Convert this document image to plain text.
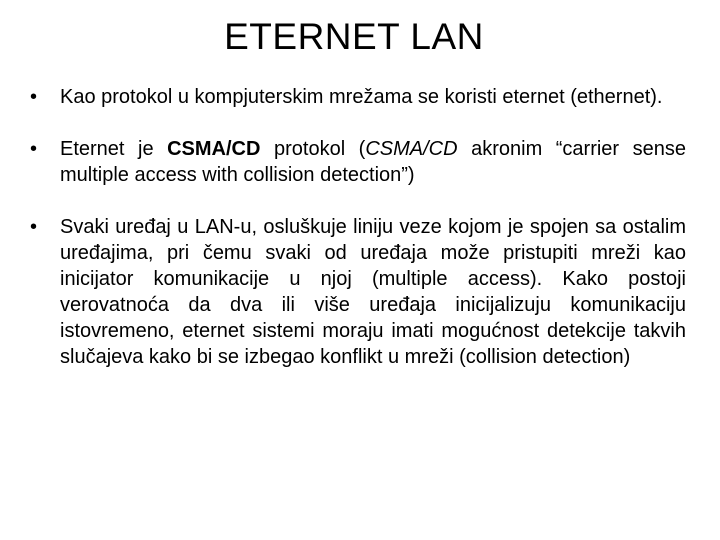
ETERNET LAN
•	Kao protokol u kompjuterskim mrežama se koristi eternet (ethernet).
•	Eternet je CSMA/CD protokol (CSMA/CD akronim “carrier sense multiple access with collision detection”)
•	Svaki uređaj u LAN-u, osluškuje liniju veze kojom je spojen sa ostalim uređajima, pri čemu svaki od uređaja može pristupiti mreži kao inicijator komunikacije u njoj (multiple access). Kako postoji verovatnoća da dva ili više uređaja inicijalizuju komunikaciju istovremeno, eternet sistemi moraju imati mogućnost detekcije takvih slučajeva kako bi se izbegao konflikt u mreži (collision detection)
